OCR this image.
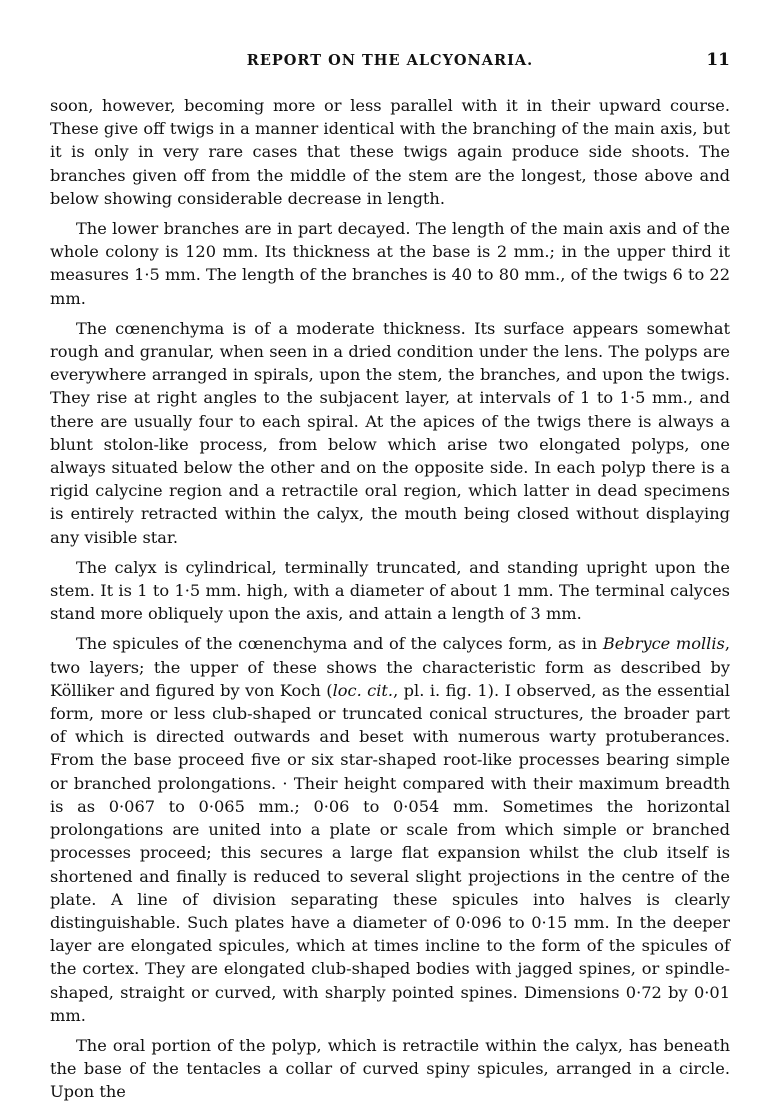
REPORT ON THE ALCYONARIA.	11

soon, however, becoming more or less parallel with it in their upward course. These give off twigs in a manner identical with the branching of the main axis, but it is only in very rare cases that these twigs again produce side shoots. The branches given off from the middle of the stem are the longest, those above and below showing considerable decrease in length.

The lower branches are in part decayed. The length of the main axis and of the whole colony is 120 mm. Its thickness at the base is 2 mm.; in the upper third it measures 1·5 mm. The length of the branches is 40 to 80 mm., of the twigs 6 to 22 mm.

The cœnenchyma is of a moderate thickness. Its surface appears somewhat rough and granular, when seen in a dried condition under the lens. The polyps are everywhere arranged in spirals, upon the stem, the branches, and upon the twigs. They rise at right angles to the subjacent layer, at intervals of 1 to 1·5 mm., and there are usually four to each spiral. At the apices of the twigs there is always a blunt stolon-like process, from below which arise two elongated polyps, one always situated below the other and on the opposite side. In each polyp there is a rigid calycine region and a retractile oral region, which latter in dead specimens is entirely retracted within the calyx, the mouth being closed without displaying any visible star.

The calyx is cylindrical, terminally truncated, and standing upright upon the stem. It is 1 to 1·5 mm. high, with a diameter of about 1 mm. The terminal calyces stand more obliquely upon the axis, and attain a length of 3 mm.

The spicules of the cœnenchyma and of the calyces form, as in Bebryce mollis, two layers; the upper of these shows the characteristic form as described by Kölliker and figured by von Koch (loc. cit., pl. i. fig. 1). I observed, as the essential form, more or less club-shaped or truncated conical structures, the broader part of which is directed outwards and beset with numerous warty protuberances. From the base proceed five or six star-shaped root-like processes bearing simple or branched prolongations. · Their height compared with their maximum breadth is as 0·067 to 0·065 mm.; 0·06 to 0·054 mm. Sometimes the horizontal prolongations are united into a plate or scale from which simple or branched processes proceed; this secures a large flat expansion whilst the club itself is shortened and finally is reduced to several slight projections in the centre of the plate. A line of division separating these spicules into halves is clearly distinguishable. Such plates have a diameter of 0·096 to 0·15 mm. In the deeper layer are elongated spicules, which at times incline to the form of the spicules of the cortex. They are elongated club-shaped bodies with jagged spines, or spindle-shaped, straight or curved, with sharply pointed spines. Dimensions 0·72 by 0·01 mm.

The oral portion of the polyp, which is retractile within the calyx, has beneath the base of the tentacles a collar of curved spiny spicules, arranged in a circle. Upon the
